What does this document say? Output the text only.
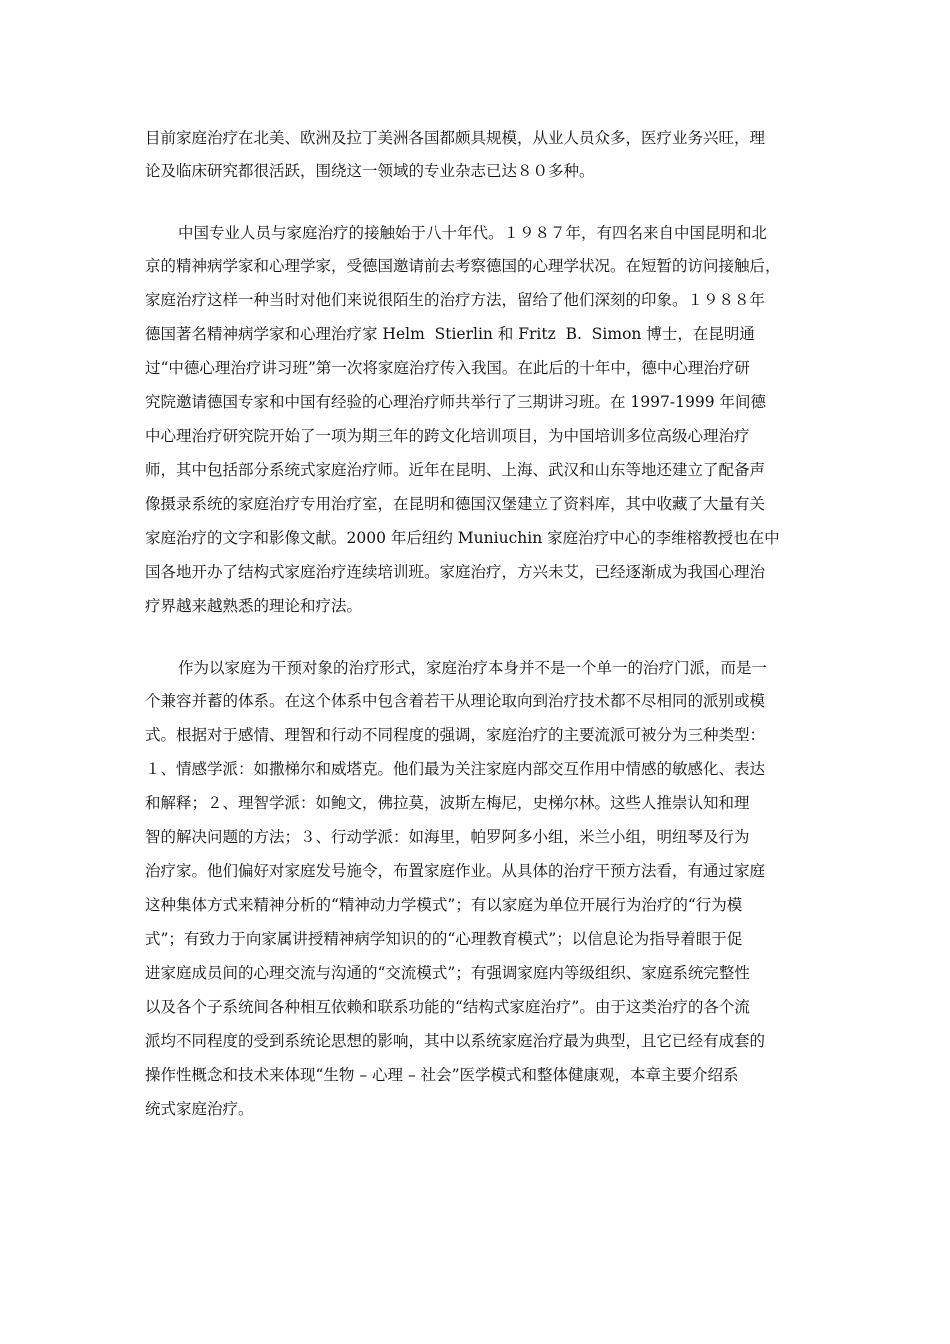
目前家庭治疗在北美、欧洲及拉丁美洲各国都颇具规模，从业人员众多，医疗业务兴旺，理
论及临床研究都很活跃，围绕这一领域的专业杂志已达８０多种。
中国专业人员与家庭治疗的接触始于八十年代。１９８７年，有四名来自中国昆明和北
京的精神病学家和心理学家，受德国邀请前去考察德国的心理学状况。在短暂的访问接触后，
家庭治疗这样一种当时对他们来说很陌生的治疗方法，留给了他们深刻的印象。１９８８年
德国著名精神病学家和心理治疗家 Helm  Stierlin 和 Fritz  B.  Simon 博士，在昆明通
过“中德心理治疗讲习班”第一次将家庭治疗传入我国。在此后的十年中，德中心理治疗研
究院邀请德国专家和中国有经验的心理治疗师共举行了三期讲习班。在 1997-1999 年间德
中心理治疗研究院开始了一项为期三年的跨文化培训项目，为中国培训多位高级心理治疗
师，其中包括部分系统式家庭治疗师。近年在昆明、上海、武汉和山东等地还建立了配备声
像摄录系统的家庭治疗专用治疗室，在昆明和德国汉堡建立了资料库，其中收藏了大量有关
家庭治疗的文字和影像文献。2000 年后纽约 Muniuchin 家庭治疗中心的李维榕教授也在中
国各地开办了结构式家庭治疗连续培训班。家庭治疗，方兴未艾，已经逐渐成为我国心理治
疗界越来越熟悉的理论和疗法。
作为以家庭为干预对象的治疗形式，家庭治疗本身并不是一个单一的治疗门派，而是一
个兼容并蓄的体系。在这个体系中包含着若干从理论取向到治疗技术都不尽相同的派别或模
式。根据对于感情、理智和行动不同程度的强调，家庭治疗的主要流派可被分为三种类型：
１、情感学派：如撒梯尔和威塔克。他们最为关注家庭内部交互作用中情感的敏感化、表达
和解释；２、理智学派：如鲍文，佛拉莫，波斯左梅尼，史梯尔林。这些人推崇认知和理
智的解决问题的方法；３、行动学派：如海里，帕罗阿多小组，米兰小组，明纽琴及行为
治疗家。他们偏好对家庭发号施令，布置家庭作业。从具体的治疗干预方法看，有通过家庭
这种集体方式来精神分析的“精神动力学模式”；有以家庭为单位开展行为治疗的“行为模
式”；有致力于向家属讲授精神病学知识的的“心理教育模式”；以信息论为指导着眼于促
进家庭成员间的心理交流与沟通的“交流模式”；有强调家庭内等级组织、家庭系统完整性
以及各个子系统间各种相互依赖和联系功能的“结构式家庭治疗”。由于这类治疗的各个流
派均不同程度的受到系统论思想的影响，其中以系统家庭治疗最为典型，且它已经有成套的
操作性概念和技术来体现“生物 – 心理 – 社会”医学模式和整体健康观，本章主要介绍系
统式家庭治疗。
